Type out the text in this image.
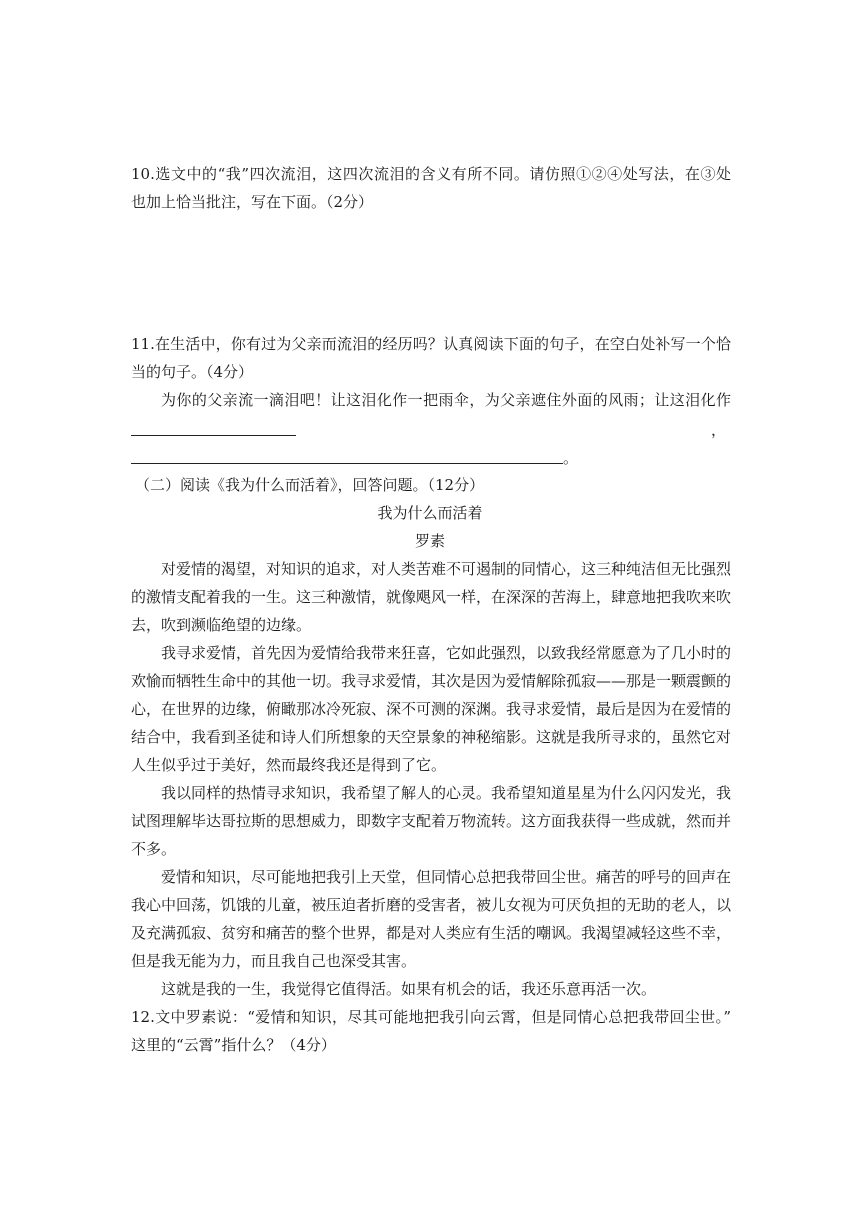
10.选文中的“我”四次流泪，这四次流泪的含义有所不同。请仿照①②④处写法，在③处
也加上恰当批注，写在下面。（2分）
11.在生活中，你有过为父亲而流泪的经历吗？认真阅读下面的句子，在空白处补写一个恰
当的句子。（4分）
为你的父亲流一滴泪吧！让这泪化作一把雨伞，为父亲遮住外面的风雨；让这泪化作
，
。
（二）阅读《我为什么而活着》，回答问题。（12分）
我为什么而活着
罗素
对爱情的渴望，对知识的追求，对人类苦难不可遏制的同情心，这三种纯洁但无比强烈
的激情支配着我的一生。这三种激情，就像飓风一样，在深深的苦海上，肆意地把我吹来吹
去，吹到濒临绝望的边缘。
我寻求爱情，首先因为爱情给我带来狂喜，它如此强烈，以致我经常愿意为了几小时的
欢愉而牺牲生命中的其他一切。我寻求爱情，其次是因为爱情解除孤寂——那是一颗震颤的
心，在世界的边缘，俯瞰那冰冷死寂、深不可测的深渊。我寻求爱情，最后是因为在爱情的
结合中，我看到圣徒和诗人们所想象的天空景象的神秘缩影。这就是我所寻求的，虽然它对
人生似乎过于美好，然而最终我还是得到了它。
我以同样的热情寻求知识，我希望了解人的心灵。我希望知道星星为什么闪闪发光，我
试图理解毕达哥拉斯的思想威力，即数字支配着万物流转。这方面我获得一些成就，然而并
不多。
爱情和知识，尽可能地把我引上天堂，但同情心总把我带回尘世。痛苦的呼号的回声在
我心中回荡，饥饿的儿童，被压迫者折磨的受害者，被儿女视为可厌负担的无助的老人，以
及充满孤寂、贫穷和痛苦的整个世界，都是对人类应有生活的嘲讽。我渴望减轻这些不幸，
但是我无能为力，而且我自己也深受其害。
这就是我的一生，我觉得它值得活。如果有机会的话，我还乐意再活一次。
12.文中罗素说：“爱情和知识，尽其可能地把我引向云霄，但是同情心总把我带回尘世。”
这里的“云霄”指什么？（4分）
